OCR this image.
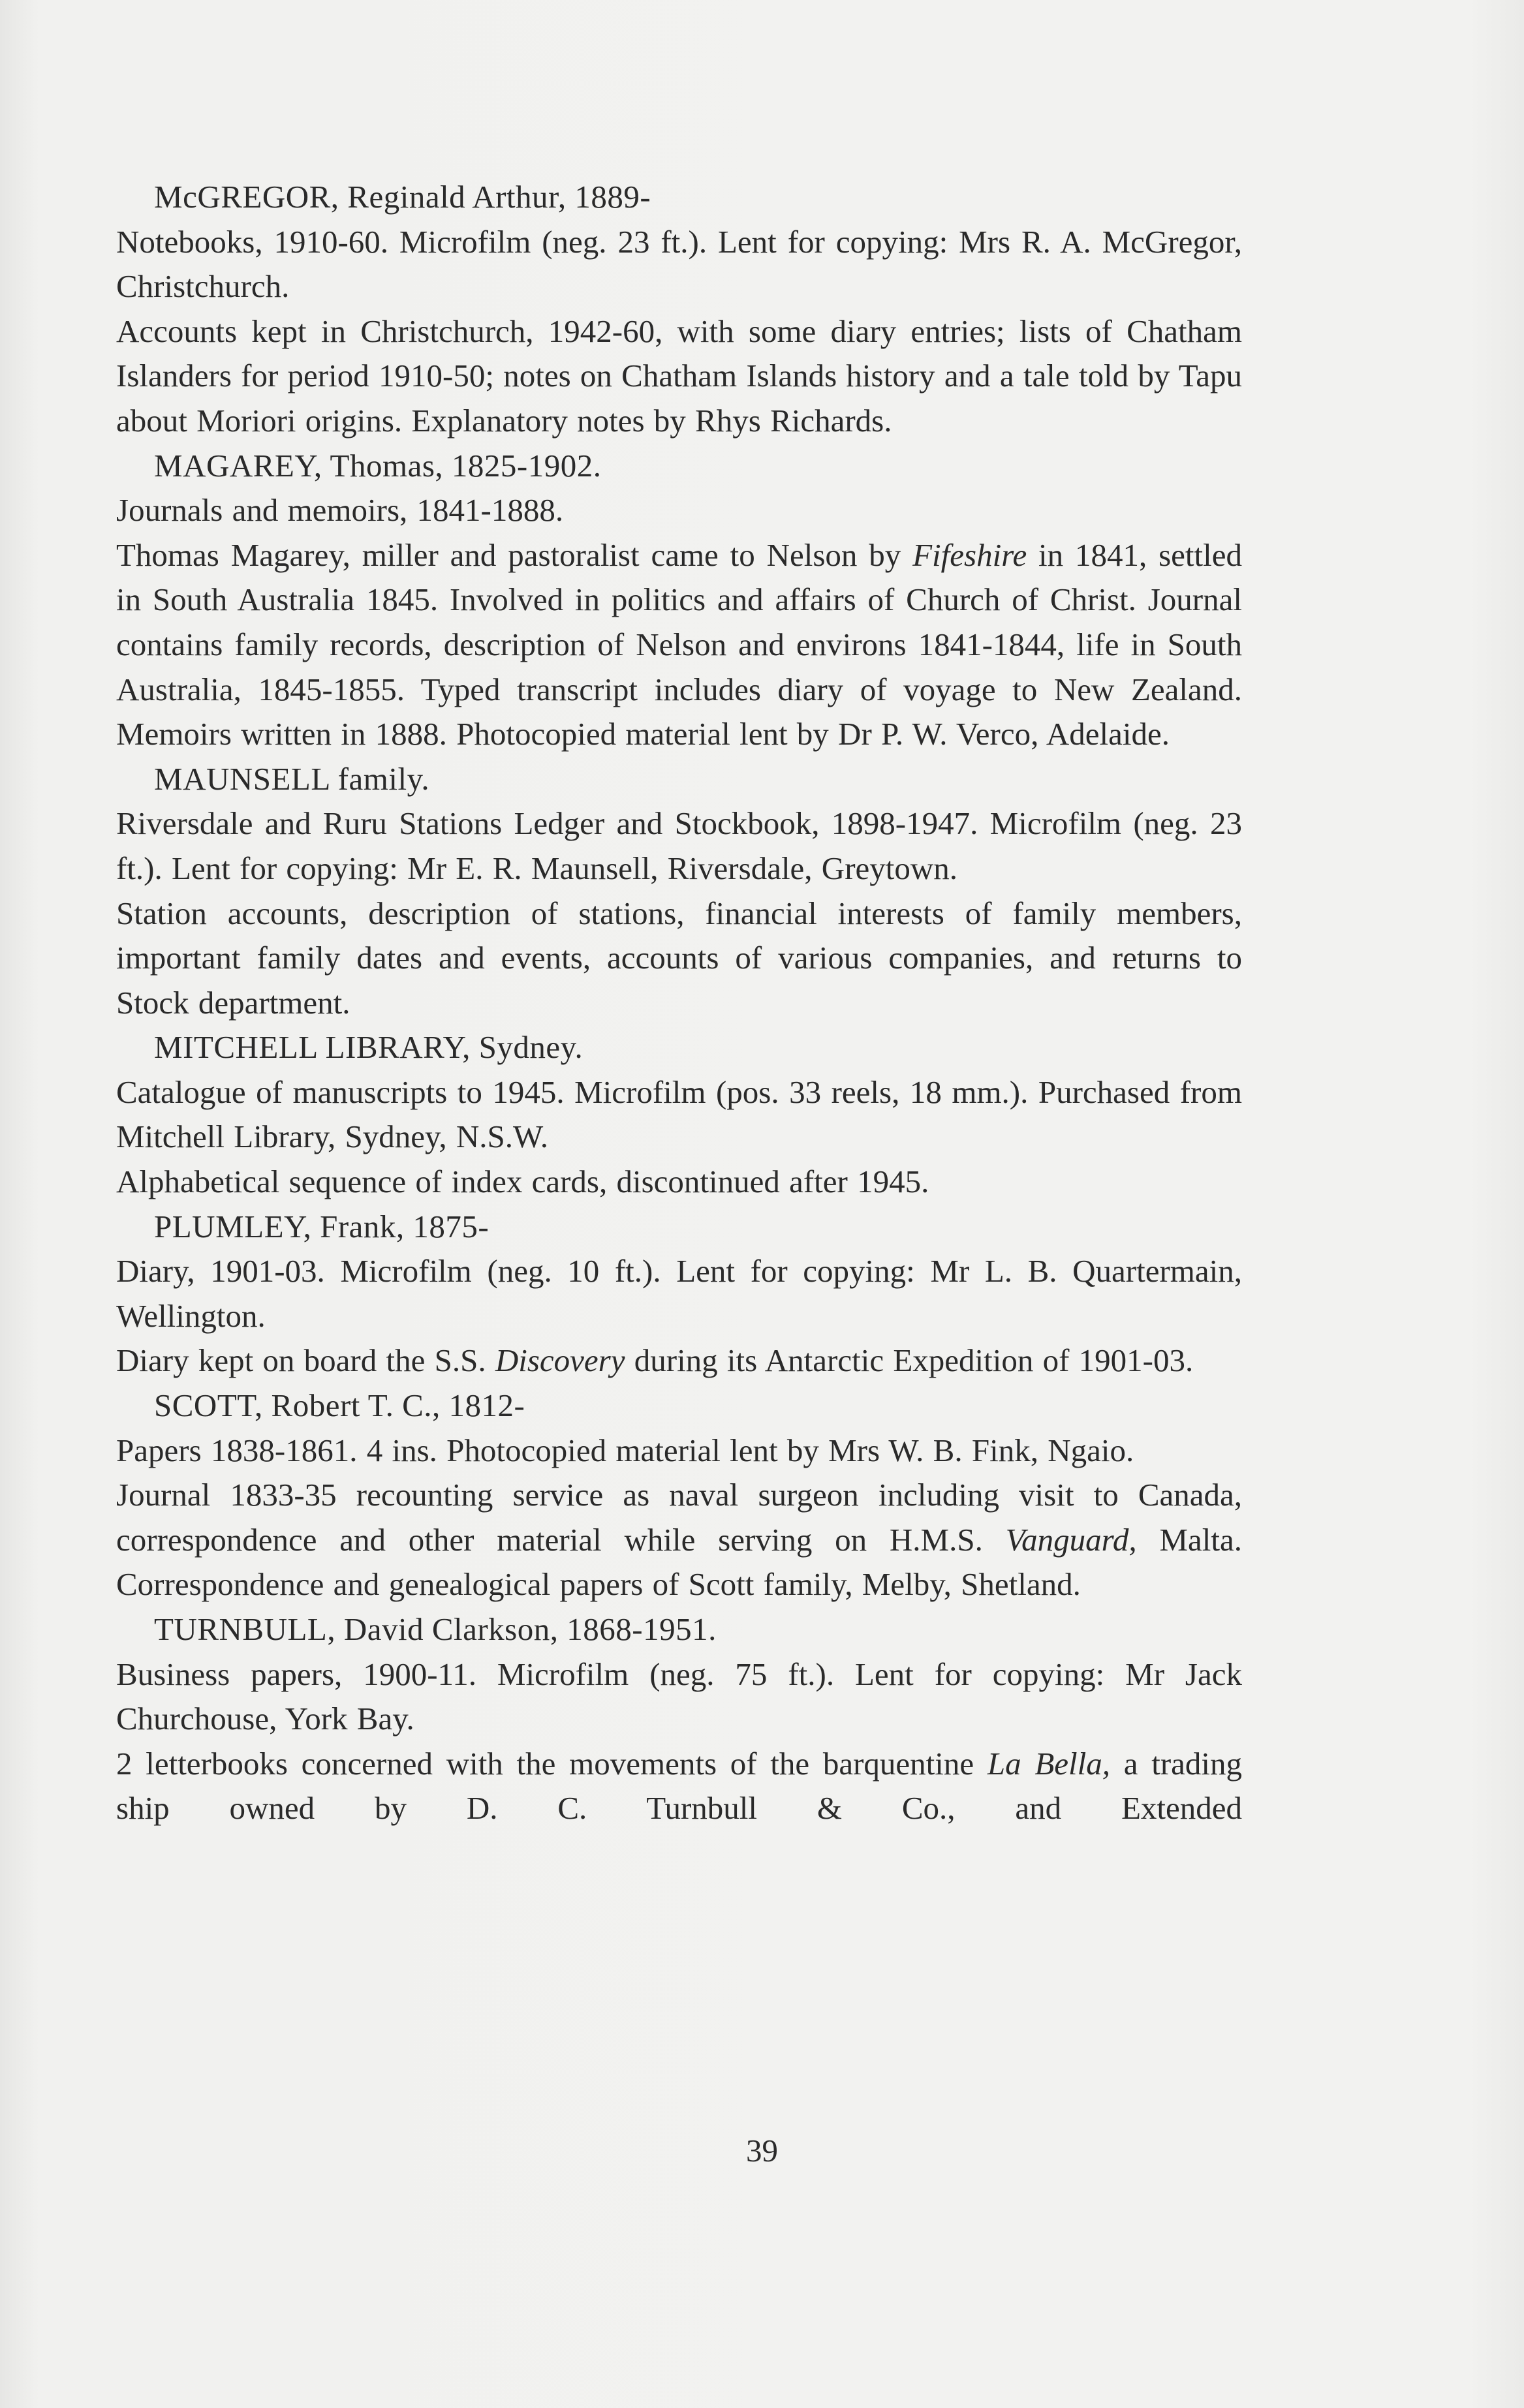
McGREGOR, Reginald Arthur, 1889-
Notebooks, 1910-60. Microfilm (neg. 23 ft.). Lent for copying: Mrs R. A. McGregor, Christchurch.
Accounts kept in Christchurch, 1942-60, with some diary entries; lists of Chatham Islanders for period 1910-50; notes on Chatham Islands history and a tale told by Tapu about Moriori origins. Explanatory notes by Rhys Richards.
MAGAREY, Thomas, 1825-1902.
Journals and memoirs, 1841-1888.
Thomas Magarey, miller and pastoralist came to Nelson by Fifeshire in 1841, settled in South Australia 1845. Involved in politics and affairs of Church of Christ. Journal contains family records, description of Nelson and environs 1841-1844, life in South Australia, 1845-1855. Typed transcript includes diary of voyage to New Zealand. Memoirs written in 1888. Photocopied material lent by Dr P. W. Verco, Adelaide.
MAUNSELL family.
Riversdale and Ruru Stations Ledger and Stockbook, 1898-1947. Microfilm (neg. 23 ft.). Lent for copying: Mr E. R. Maunsell, Riversdale, Greytown.
Station accounts, description of stations, financial interests of family members, important family dates and events, accounts of various companies, and returns to Stock department.
MITCHELL LIBRARY, Sydney.
Catalogue of manuscripts to 1945. Microfilm (pos. 33 reels, 18 mm.). Purchased from Mitchell Library, Sydney, N.S.W.
Alphabetical sequence of index cards, discontinued after 1945.
PLUMLEY, Frank, 1875-
Diary, 1901-03. Microfilm (neg. 10 ft.). Lent for copying: Mr L. B. Quartermain, Wellington.
Diary kept on board the S.S. Discovery during its Antarctic Expedition of 1901-03.
SCOTT, Robert T. C., 1812-
Papers 1838-1861. 4 ins. Photocopied material lent by Mrs W. B. Fink, Ngaio.
Journal 1833-35 recounting service as naval surgeon including visit to Canada, correspondence and other material while serving on H.M.S. Vanguard, Malta. Correspondence and genealogical papers of Scott family, Melby, Shetland.
TURNBULL, David Clarkson, 1868-1951.
Business papers, 1900-11. Microfilm (neg. 75 ft.). Lent for copying: Mr Jack Churchouse, York Bay.
2 letterbooks concerned with the movements of the barquentine La Bella, a trading ship owned by D. C. Turnbull & Co., and Extended
39
